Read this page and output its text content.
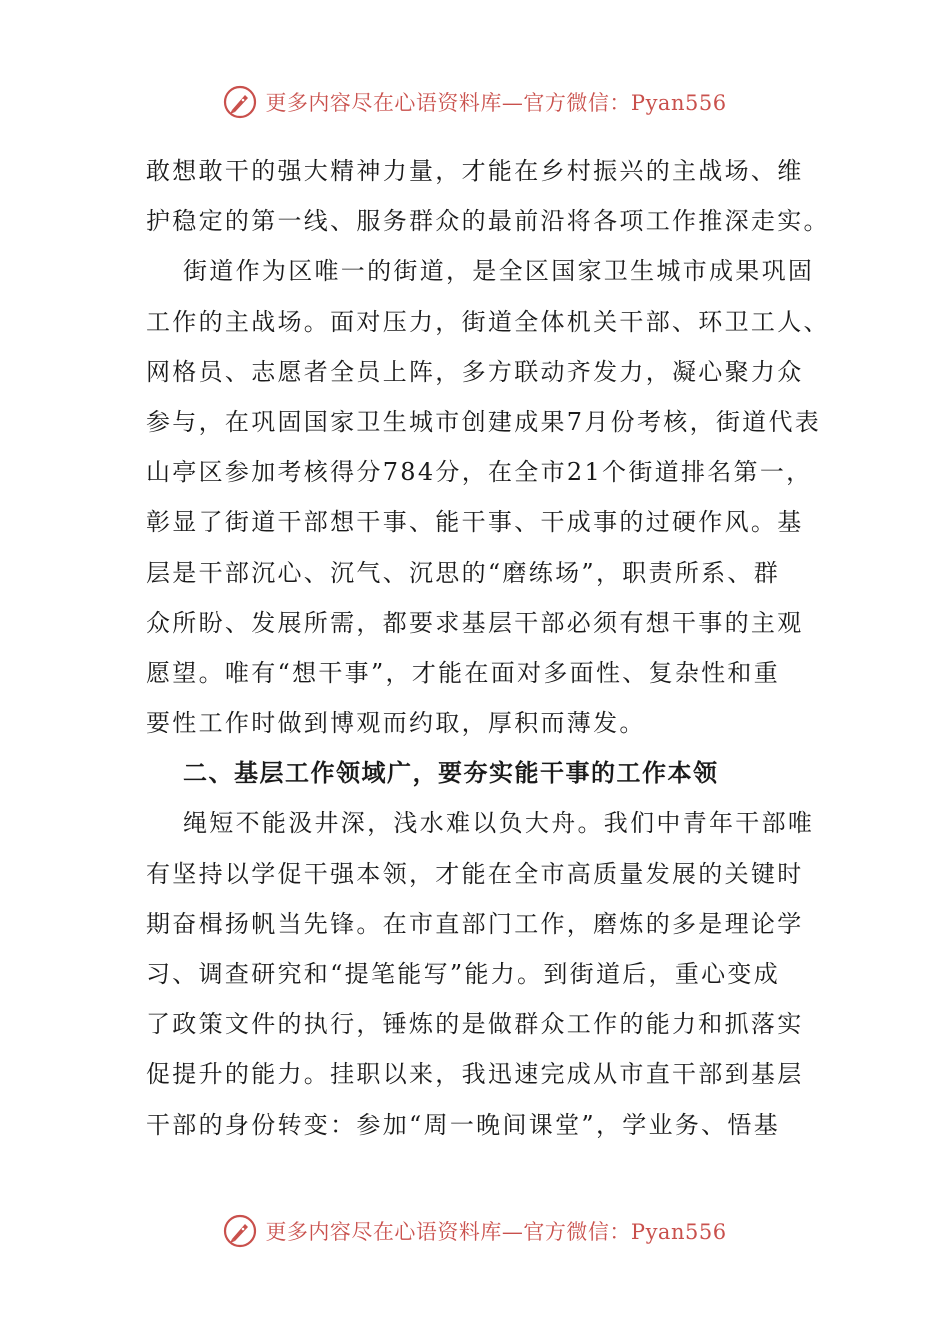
更多内容尽在心语资料库—官方微信：Pyan556
敢想敢干的强大精神力量，才能在乡村振兴的主战场、维
护稳定的第一线、服务群众的最前沿将各项工作推深走实。
街道作为区唯一的街道，是全区国家卫生城市成果巩固
工作的主战场。面对压力，街道全体机关干部、环卫工人、
网格员、志愿者全员上阵，多方联动齐发力，凝心聚力众
参与，在巩固国家卫生城市创建成果7月份考核，街道代表
山亭区参加考核得分784分，在全市21个街道排名第一，
彰显了街道干部想干事、能干事、干成事的过硬作风。基
层是干部沉心、沉气、沉思的“磨练场”，职责所系、群
众所盼、发展所需，都要求基层干部必须有想干事的主观
愿望。唯有“想干事”，才能在面对多面性、复杂性和重
要性工作时做到博观而约取，厚积而薄发。
二、基层工作领域广，要夯实能干事的工作本领
绳短不能汲井深，浅水难以负大舟。我们中青年干部唯
有坚持以学促干强本领，才能在全市高质量发展的关键时
期奋楫扬帆当先锋。在市直部门工作，磨炼的多是理论学
习、调查研究和“提笔能写”能力。到街道后，重心变成
了政策文件的执行，锤炼的是做群众工作的能力和抓落实
促提升的能力。挂职以来，我迅速完成从市直干部到基层
干部的身份转变：参加“周一晚间课堂”，学业务、悟基
更多内容尽在心语资料库—官方微信：Pyan556
